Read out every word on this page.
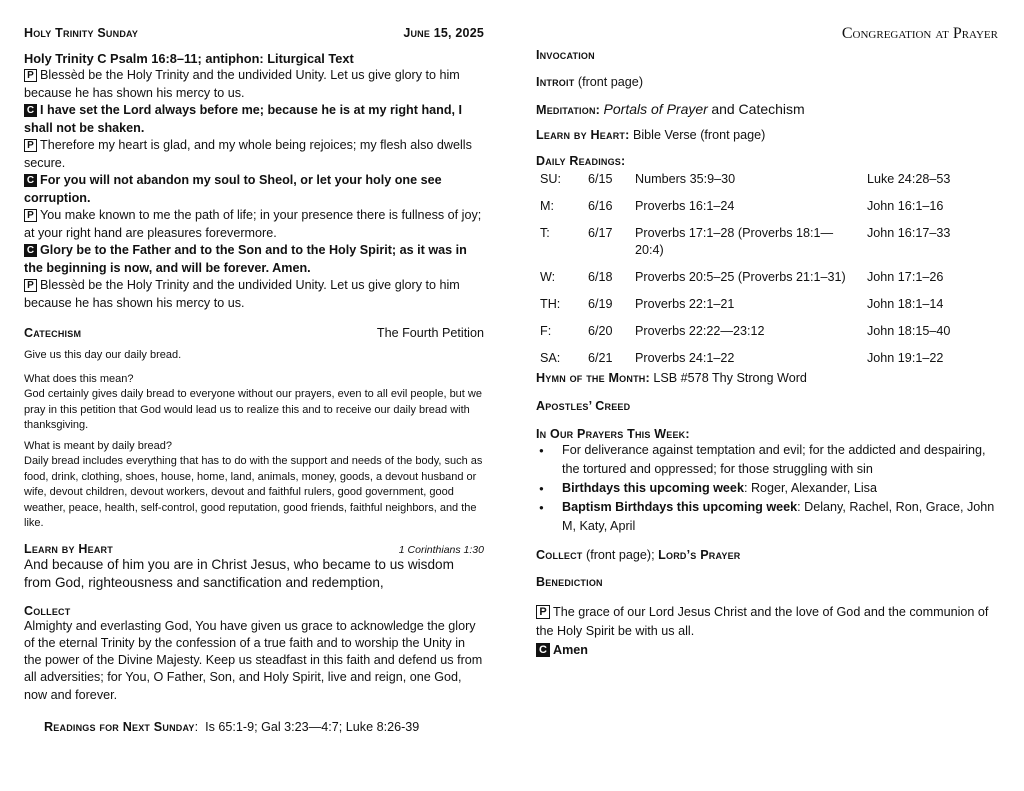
Holy Trinity Sunday	June 15, 2025

Holy Trinity C Psalm 16:8–11; antiphon: Liturgical Text

P Blessèd be the Holy Trinity and the undivided Unity. Let us give glory to him because he has shown his mercy to us.

C I have set the Lord always before me; because he is at my right hand, I shall not be shaken.

P Therefore my heart is glad, and my whole being rejoices; my flesh also dwells secure.

C For you will not abandon my soul to Sheol, or let your holy one see corruption.

P You make known to me the path of life; in your presence there is fullness of joy; at your right hand are pleasures forevermore.

C Glory be to the Father and to the Son and to the Holy Spirit; as it was in the beginning is now, and will be forever. Amen.

P Blessèd be the Holy Trinity and the undivided Unity. Let us give glory to him because he has shown his mercy to us.

Catechism	The Fourth Petition

Give us this day our daily bread.

What does this mean?

God certainly gives daily bread to everyone without our prayers, even to all evil people, but we pray in this petition that God would lead us to realize this and to receive our daily bread with thanksgiving.

What is meant by daily bread?

Daily bread includes everything that has to do with the support and needs of the body, such as food, drink, clothing, shoes, house, home, land, animals, money, goods, a devout husband or wife, devout children, devout workers, devout and faithful rulers, good government, good weather, peace, health, self-control, good reputation, good friends, faithful neighbors, and the like.

Learn by Heart	1 Corinthians 1:30

And because of him you are in Christ Jesus, who became to us wisdom from God, righteousness and sanctification and redemption,

Collect

Almighty and everlasting God, You have given us grace to acknowledge the glory of the eternal Trinity by the confession of a true faith and to worship the Unity in the power of the Divine Majesty. Keep us steadfast in this faith and defend us from all adversities; for You, O Father, Son, and Holy Spirit, live and reign, one God, now and forever.

Readings for Next Sunday:  Is 65:1-9; Gal 3:23—4:7; Luke 8:26-39

Congregation at Prayer

Invocation

Introit (front page)

Meditation: Portals of Prayer and Catechism

Learn by Heart: Bible Verse (front page)

Daily Readings:

SU:	6/15	Numbers 35:9–30	Luke 24:28–53
M:	6/16	Proverbs 16:1–24	John 16:1–16
T:	6/17	Proverbs 17:1–28 (Proverbs 18:1—20:4)	John 16:17–33
W:	6/18	Proverbs 20:5–25 (Proverbs 21:1–31)	John 17:1–26
TH:	6/19	Proverbs 22:1–21	John 18:1–14
F:	6/20	Proverbs 22:22—23:12	John 18:15–40
SA:	6/21	Proverbs 24:1–22	John 19:1–22

Hymn of the Month: LSB #578 Thy Strong Word

Apostles’ Creed

In Our Prayers This Week:

● For deliverance against temptation and evil; for the addicted and despairing, the tortured and oppressed; for those struggling with sin
● Birthdays this upcoming week: Roger, Alexander, Lisa
● Baptism Birthdays this upcoming week: Delany, Rachel, Ron, Grace, John M, Katy, April

Collect (front page); Lord’s Prayer

Benediction

P The grace of our Lord Jesus Christ and the love of God and the communion of the Holy Spirit be with us all.

C Amen
